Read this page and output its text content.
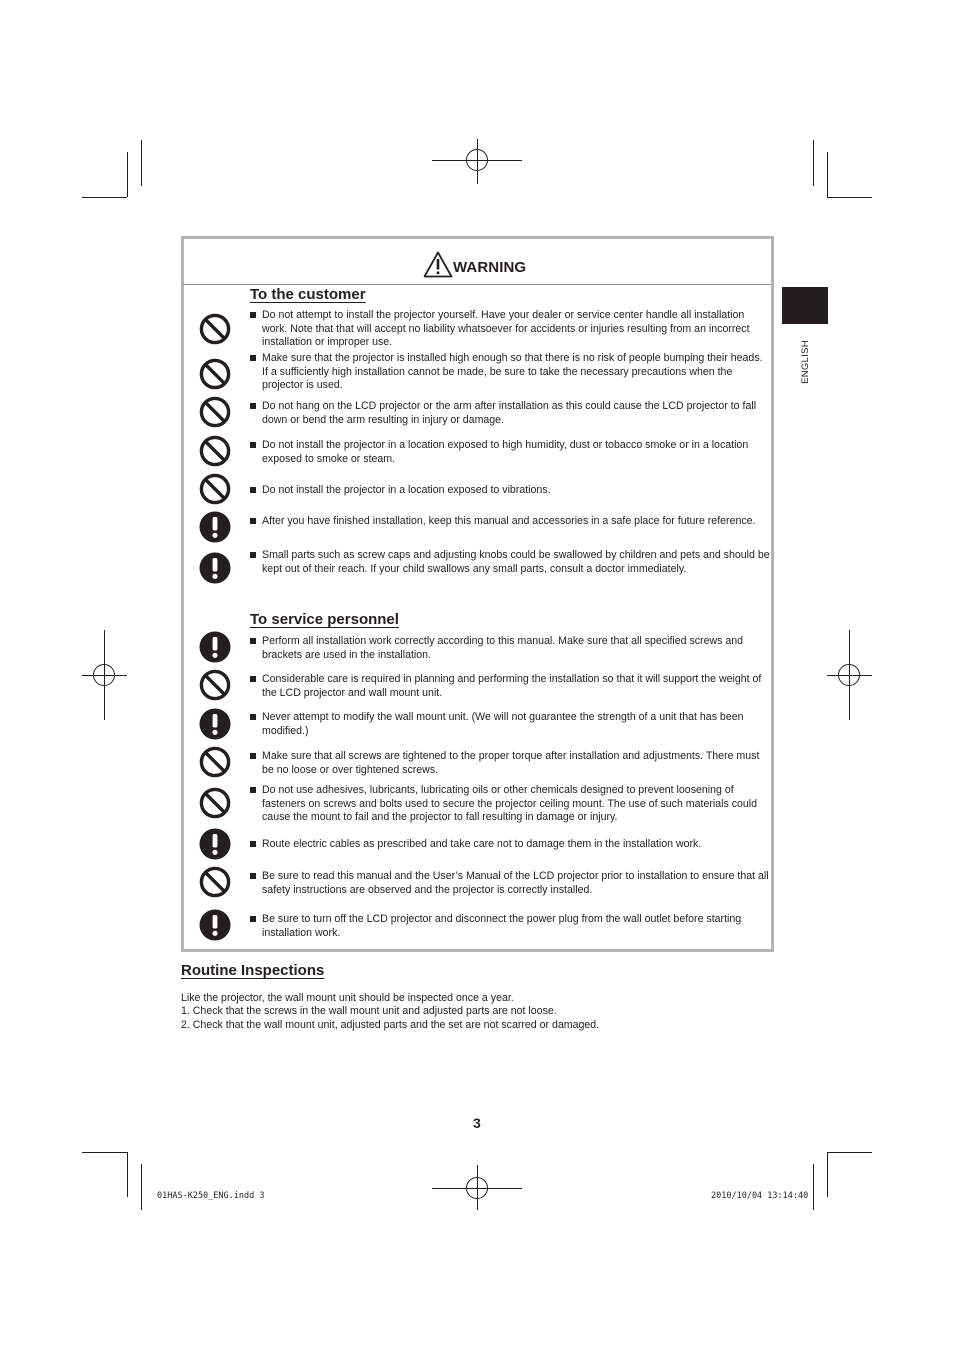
ENGLISH
WARNING
To the customer
Do not attempt to install the projector yourself. Have your dealer or service center handle all installation work. Note that that will accept no liability whatsoever for accidents or injuries resulting from an incorrect installation or improper use.
Make sure that the projector is installed high enough so that there is no risk of people bumping their heads. If a sufficiently high installation cannot be made, be sure to take the necessary precautions when the projector is used.
Do not hang on the LCD projector or the arm after installation as this could cause the LCD projector to fall down or bend the arm resulting in injury or damage.
Do not install the projector in a location exposed to high humidity, dust or tobacco smoke or in a location exposed to smoke or steam.
Do not install the projector in a location exposed to vibrations.
After you have finished installation, keep this manual and accessories in a safe place for future reference.
Small parts such as screw caps and adjusting knobs could be swallowed by children and pets and should be kept out of their reach. If your child swallows any small parts, consult a doctor immediately.
To service personnel
Perform all installation work correctly according to this manual. Make sure that all specified screws and brackets are used in the installation.
Considerable care is required in planning and performing the installation so that it will support the weight of the LCD projector and wall mount unit.
Never attempt to modify the wall mount unit. (We will not guarantee the strength of a unit that has been modified.)
Make sure that all screws are tightened to the proper torque after installation and adjustments. There must be no loose or over tightened screws.
Do not use adhesives, lubricants, lubricating oils or other chemicals designed to prevent loosening of fasteners on screws and bolts used to secure the projector ceiling mount. The use of such materials could cause the mount to fail and the projector to fall resulting in damage or injury.
Route electric cables as prescribed and take care not to damage them in the installation work.
Be sure to read this manual and the User’s Manual of the LCD projector prior to installation to ensure that all safety instructions are observed and the projector is correctly installed.
Be sure to turn off the LCD projector and disconnect the power plug from the wall outlet before starting installation work.
Routine Inspections
Like the projector, the wall mount unit should be inspected once a year.
1. Check that the screws in the wall mount unit and adjusted parts are not loose.
2. Check that the wall mount unit, adjusted parts and the set are not scarred or damaged.
3
01HAS-K250_ENG.indd 3	2010/10/04 13:14:40
